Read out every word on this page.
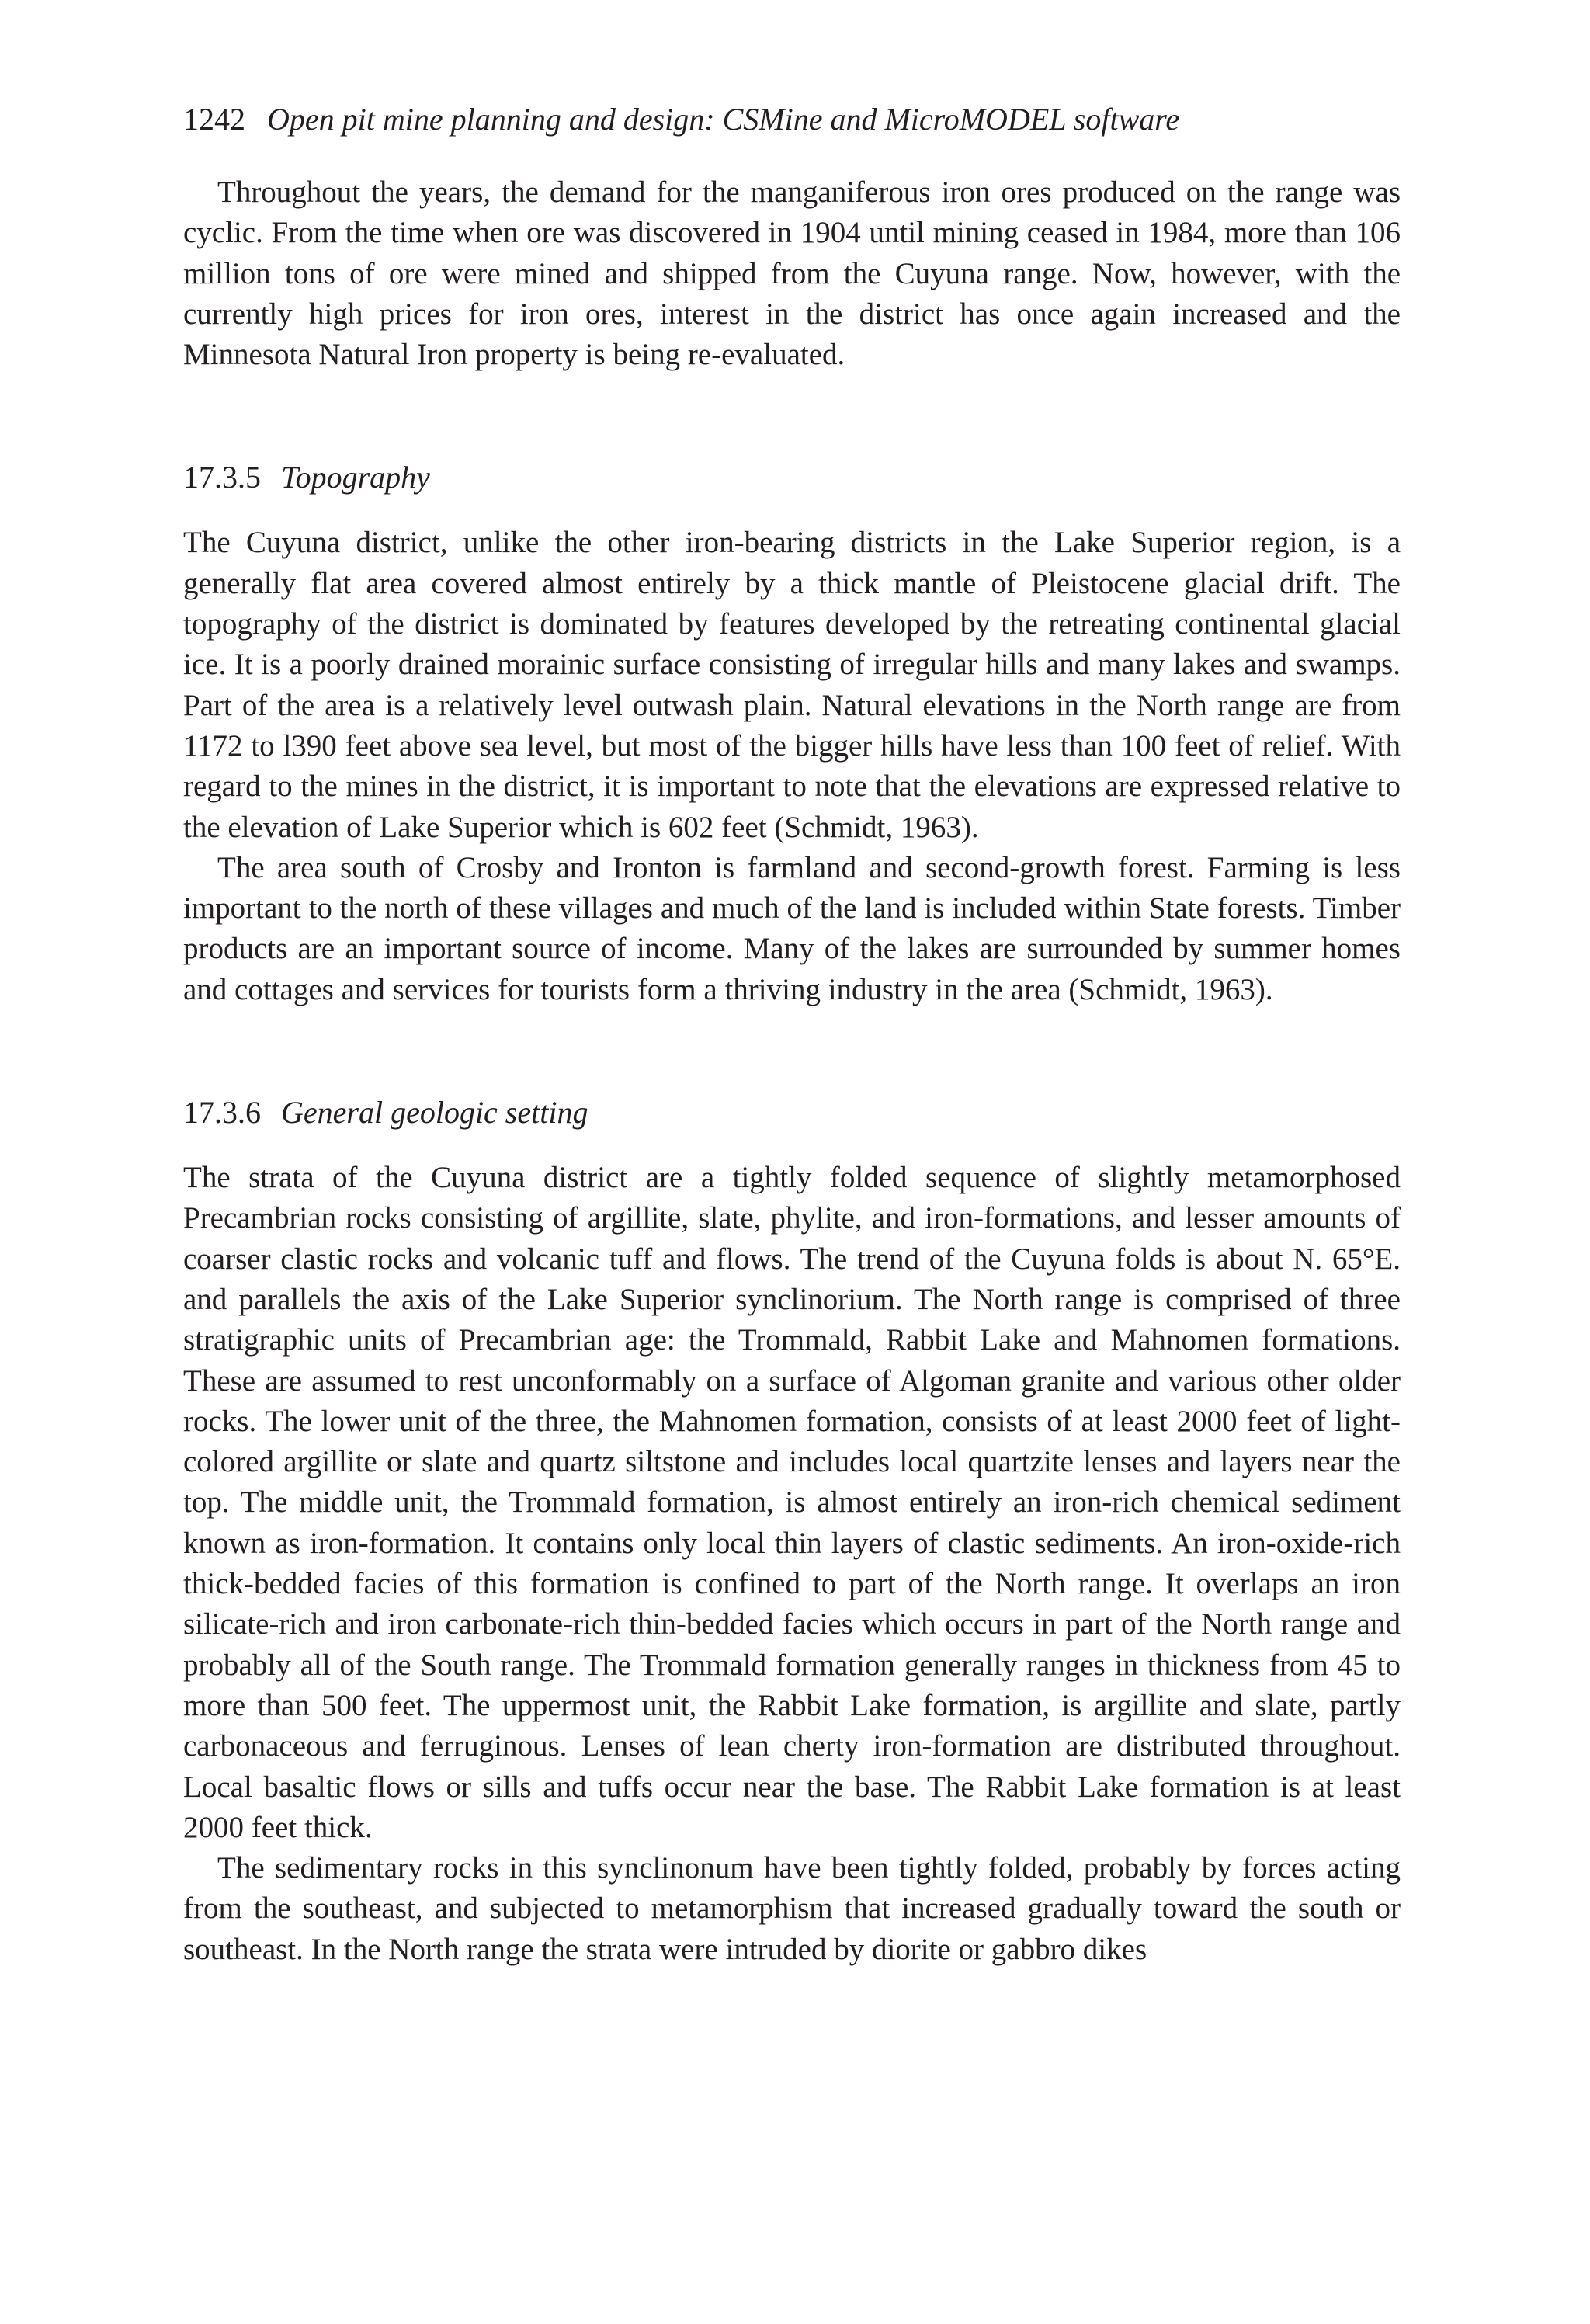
1242 Open pit mine planning and design: CSMine and MicroMODEL software

Throughout the years, the demand for the manganiferous iron ores produced on the range was cyclic. From the time when ore was discovered in 1904 until mining ceased in 1984, more than 106 million tons of ore were mined and shipped from the Cuyuna range. Now, however, with the currently high prices for iron ores, interest in the district has once again increased and the Minnesota Natural Iron property is being re-evaluated.

17.3.5 Topography

The Cuyuna district, unlike the other iron-bearing districts in the Lake Superior region, is a generally flat area covered almost entirely by a thick mantle of Pleistocene glacial drift. The topography of the district is dominated by features developed by the retreating continental glacial ice. It is a poorly drained morainic surface consisting of irregular hills and many lakes and swamps. Part of the area is a relatively level outwash plain. Natural elevations in the North range are from 1172 to l390 feet above sea level, but most of the bigger hills have less than 100 feet of relief. With regard to the mines in the district, it is important to note that the elevations are expressed relative to the elevation of Lake Superior which is 602 feet (Schmidt, 1963).

The area south of Crosby and Ironton is farmland and second-growth forest. Farming is less important to the north of these villages and much of the land is included within State forests. Timber products are an important source of income. Many of the lakes are surrounded by summer homes and cottages and services for tourists form a thriving industry in the area (Schmidt, 1963).

17.3.6 General geologic setting

The strata of the Cuyuna district are a tightly folded sequence of slightly metamorphosed Precambrian rocks consisting of argillite, slate, phylite, and iron-formations, and lesser amounts of coarser clastic rocks and volcanic tuff and flows. The trend of the Cuyuna folds is about N. 65°E. and parallels the axis of the Lake Superior synclinorium. The North range is comprised of three stratigraphic units of Precambrian age: the Trommald, Rabbit Lake and Mahnomen formations. These are assumed to rest unconformably on a surface of Algoman granite and various other older rocks. The lower unit of the three, the Mahnomen formation, consists of at least 2000 feet of light-colored argillite or slate and quartz siltstone and includes local quartzite lenses and layers near the top. The middle unit, the Trommald formation, is almost entirely an iron-rich chemical sediment known as iron-formation. It contains only local thin layers of clastic sediments. An iron-oxide-rich thick-bedded facies of this formation is confined to part of the North range. It overlaps an iron silicate-rich and iron carbonate-rich thin-bedded facies which occurs in part of the North range and probably all of the South range. The Trommald formation generally ranges in thickness from 45 to more than 500 feet. The uppermost unit, the Rabbit Lake formation, is argillite and slate, partly carbonaceous and ferruginous. Lenses of lean cherty iron-formation are distributed throughout. Local basaltic flows or sills and tuffs occur near the base. The Rabbit Lake formation is at least 2000 feet thick.

The sedimentary rocks in this synclinonum have been tightly folded, probably by forces acting from the southeast, and subjected to metamorphism that increased gradually toward the south or southeast. In the North range the strata were intruded by diorite or gabbro dikes
